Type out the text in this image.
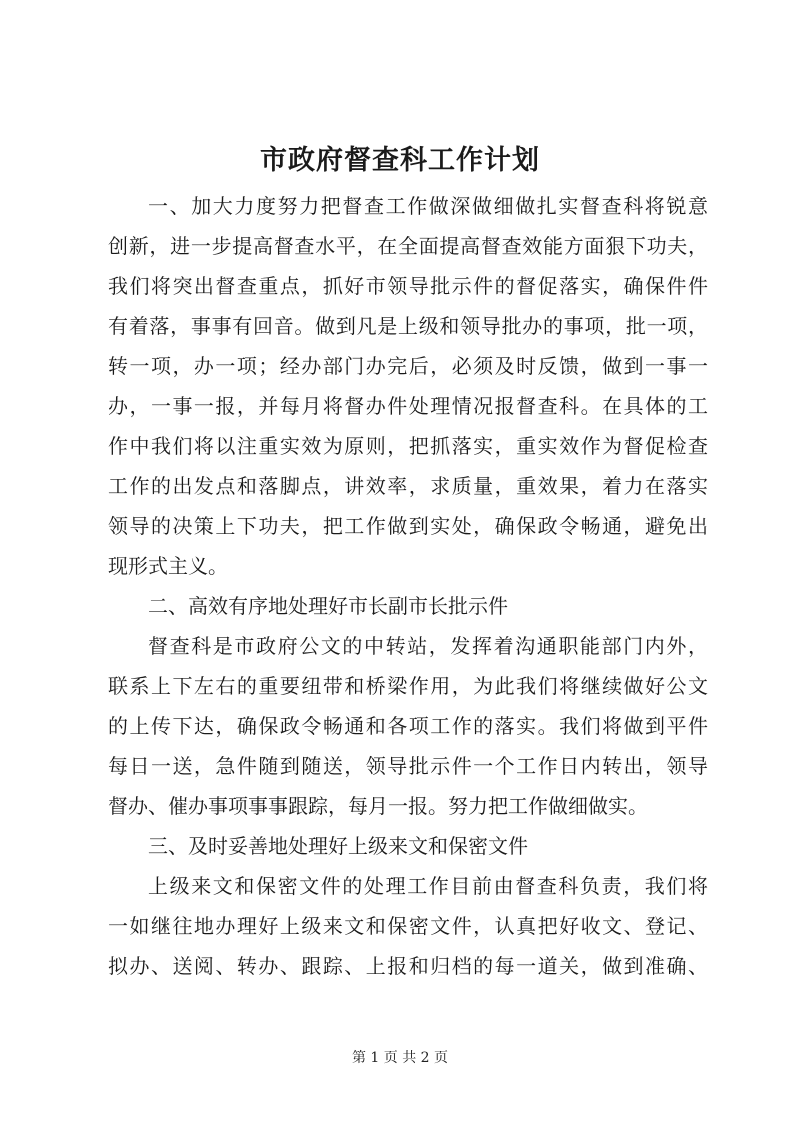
市政府督查科工作计划
一、加大力度努力把督查工作做深做细做扎实督查科将锐意
创新，进一步提高督查水平，在全面提高督查效能方面狠下功夫，
我们将突出督查重点，抓好市领导批示件的督促落实，确保件件
有着落，事事有回音。做到凡是上级和领导批办的事项，批一项，
转一项，办一项；经办部门办完后，必须及时反馈，做到一事一
办，一事一报，并每月将督办件处理情况报督查科。在具体的工
作中我们将以注重实效为原则，把抓落实，重实效作为督促检查
工作的出发点和落脚点，讲效率，求质量，重效果，着力在落实
领导的决策上下功夫，把工作做到实处，确保政令畅通，避免出
现形式主义。
二、高效有序地处理好市长副市长批示件
督查科是市政府公文的中转站，发挥着沟通职能部门内外，
联系上下左右的重要纽带和桥梁作用，为此我们将继续做好公文
的上传下达，确保政令畅通和各项工作的落实。我们将做到平件
每日一送，急件随到随送，领导批示件一个工作日内转出，领导
督办、催办事项事事跟踪，每月一报。努力把工作做细做实。
三、及时妥善地处理好上级来文和保密文件
上级来文和保密文件的处理工作目前由督查科负责，我们将
一如继往地办理好上级来文和保密文件，认真把好收文、登记、
拟办、送阅、转办、跟踪、上报和归档的每一道关，做到准确、
第 1 页 共 2 页
